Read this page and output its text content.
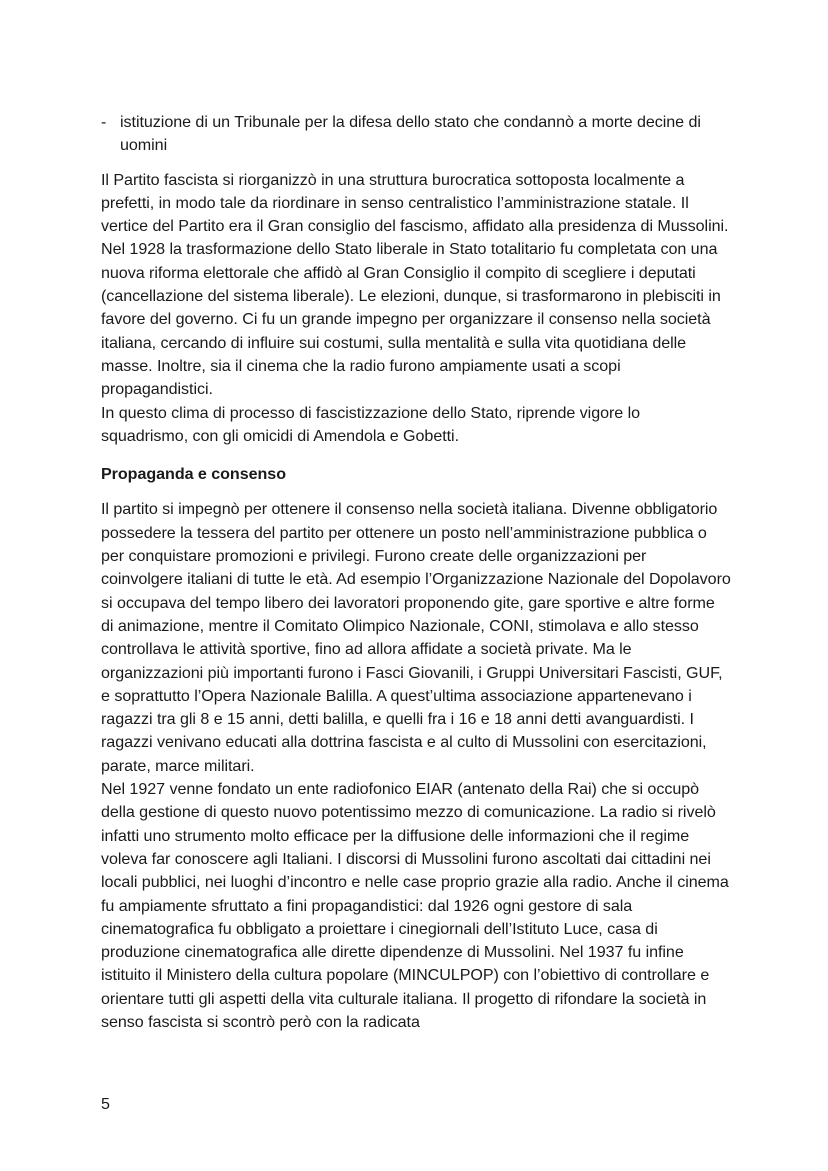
- istituzione di un Tribunale per la difesa dello stato che condannò a morte decine di uomini

Il Partito fascista si riorganizzò in una struttura burocratica sottoposta localmente a prefetti, in modo tale da riordinare in senso centralistico l’amministrazione statale. Il vertice del Partito era il Gran consiglio del fascismo, affidato alla presidenza di Mussolini.

Nel 1928 la trasformazione dello Stato liberale in Stato totalitario fu completata con una nuova riforma elettorale che affidò al Gran Consiglio il compito di scegliere i deputati (cancellazione del sistema liberale). Le elezioni, dunque, si trasformarono in plebisciti in favore del governo. Ci fu un grande impegno per organizzare il consenso nella società italiana, cercando di influire sui costumi, sulla mentalità e sulla vita quotidiana delle masse. Inoltre, sia il cinema che la radio furono ampiamente usati a scopi propagandistici.

In questo clima di processo di fascistizzazione dello Stato, riprende vigore lo squadrismo, con gli omicidi di Amendola e Gobetti.

Propaganda e consenso

Il partito si impegnò per ottenere il consenso nella società italiana. Divenne obbligatorio possedere la tessera del partito per ottenere un posto nell’amministrazione pubblica o per conquistare promozioni e privilegi. Furono create delle organizzazioni per coinvolgere italiani di tutte le età. Ad esempio l’Organizzazione Nazionale del Dopolavoro si occupava del tempo libero dei lavoratori proponendo gite, gare sportive e altre forme di animazione, mentre il Comitato Olimpico Nazionale, CONI, stimolava e allo stesso controllava le attività sportive, fino ad allora affidate a società private. Ma le organizzazioni più importanti furono i Fasci Giovanili, i Gruppi Universitari Fascisti, GUF, e soprattutto l’Opera Nazionale Balilla. A quest’ultima associazione appartenevano i ragazzi tra gli 8 e 15 anni, detti balilla, e quelli fra i 16 e 18 anni detti avanguardisti. I ragazzi venivano educati alla dottrina fascista e al culto di Mussolini con esercitazioni, parate, marce militari.

Nel 1927 venne fondato un ente radiofonico EIAR (antenato della Rai) che si occupò della gestione di questo nuovo potentissimo mezzo di comunicazione. La radio si rivelò infatti uno strumento molto efficace per la diffusione delle informazioni che il regime voleva far conoscere agli Italiani. I discorsi di Mussolini furono ascoltati dai cittadini nei locali pubblici, nei luoghi d’incontro e nelle case proprio grazie alla radio. Anche il cinema fu ampiamente sfruttato a fini propagandistici: dal 1926 ogni gestore di sala cinematografica fu obbligato a proiettare i cinegiornali dell’Istituto Luce, casa di produzione cinematografica alle dirette dipendenze di Mussolini. Nel 1937 fu infine istituito il Ministero della cultura popolare (MINCULPOP) con l’obiettivo di controllare e orientare tutti gli aspetti della vita culturale italiana. Il progetto di rifondare la società in senso fascista si scontrò però con la radicata

5
